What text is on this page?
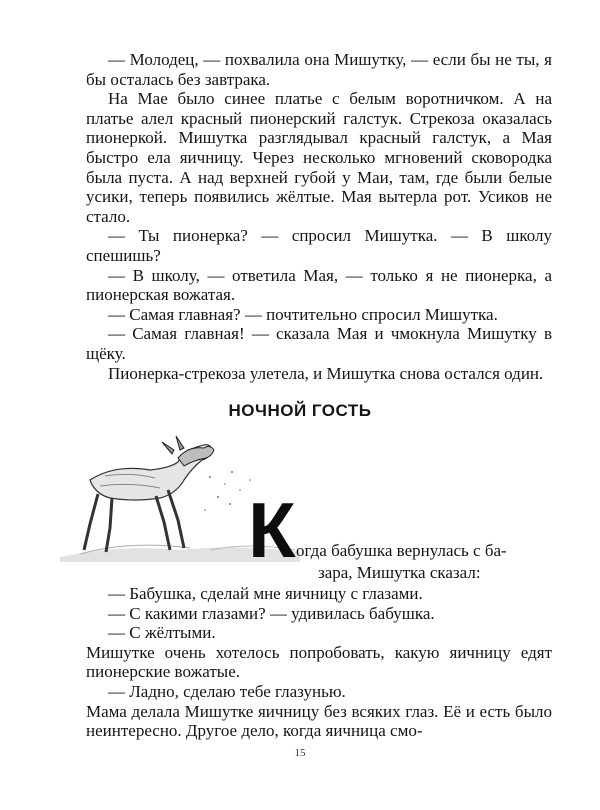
— Молодец, — похвалила она Мишутку, — если бы не ты, я бы осталась без завтрака.

На Мае было синее платье с белым воротничком. А на платье алел красный пионерский галстук. Стрекоза оказалась пионеркой. Мишутка разглядывал красный галстук, а Мая быстро ела яичницу. Через несколько мгновений сковородка была пуста. А над верхней губой у Маи, там, где были белые усики, теперь появились жёлтые. Мая вытерла рот. Усиков не стало.

— Ты пионерка? — спросил Мишутка. — В школу спешишь?

— В школу, — ответила Мая, — только я не пионерка, а пионерская вожатая.

— Самая главная? — почтительно спросил Мишутка.

— Самая главная! — сказала Мая и чмокнула Мишутку в щёку.

Пионерка-стрекоза улетела, и Мишутка снова остался один.

НОЧНОЙ ГОСТЬ
К огда бабушка вернулась с ба-
зара, Мишутка сказал:

— Бабушка, сделай мне яичницу с глазами.

— С какими глазами? — удивилась бабушка.

— С жёлтыми.

Мишутке очень хотелось попробовать, какую яичницу едят пионерские вожатые.

— Ладно, сделаю тебе глазунью.

Мама делала Мишутке яичницу без всяких глаз. Её и есть было неинтересно. Другое дело, когда яичница смо-

15
